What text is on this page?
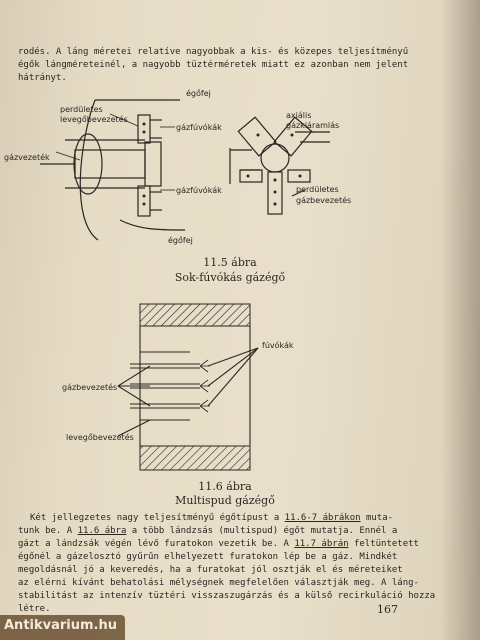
rodés. A láng méretei relatíve nagyobbak a kis- és közepes teljesítményű
égők lángméreteinél, a nagyobb tüztérméretek miatt ez azonban nem jelent
hátrányt.
égőfej
perdületes
levegőbevezetés
gázfúvókák
gázvezeték
gázfúvókák
égőfej
axiális
gázkiáramlás
perdületes
gázbevezetés
11.5 ábra
Sok-fúvókás gázégő
fúvókák
gázbevezetés
levegőbevezetés
11.6 ábra
Multispud gázégő
Két jellegzetes nagy teljesítményű égőtípust a 11.6-7 ábrákon muta-
tunk be. A 11.6 ábra a több lándzsás (multispud) égőt mutatja. Ennél a
gázt a lándzsák végén lévő furatokon vezetik be. A 11.7 ábrán feltüntetett
égőnél a gázelosztó gyűrűn elhelyezett furatokon lép be a gáz. Mindkét
megoldásnál jó a keveredés, ha a furatokat jól osztják el és méreteiket
az elérni kívánt behatolási mélységnek megfelelően választják meg. A láng-
stabilitást az intenzív tüztéri visszaszugárzás és a külső recirkuláció hozza
létre.	167
Antikvarium.hu
